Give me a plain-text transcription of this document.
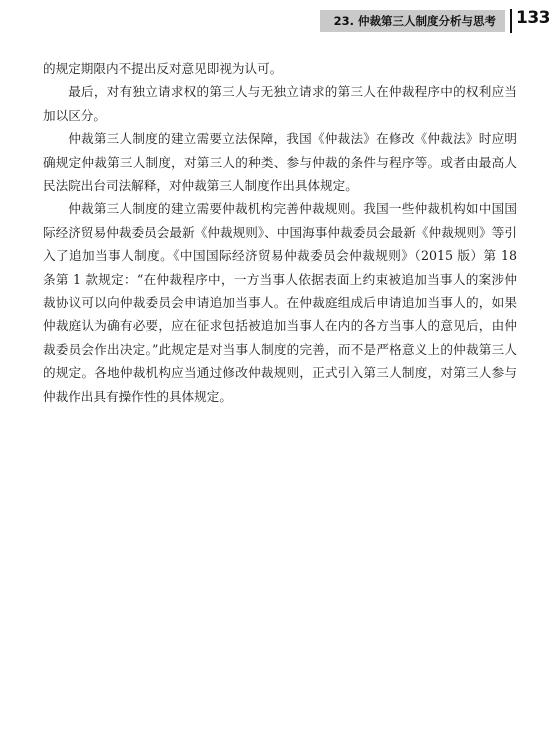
23. 仲裁第三人制度分析与思考 133

的规定期限内不提出反对意见即视为认可。

最后，对有独立请求权的第三人与无独立请求的第三人在仲裁程序中的权利应当加以区分。

仲裁第三人制度的建立需要立法保障，我国《仲裁法》在修改《仲裁法》时应明确规定仲裁第三人制度，对第三人的种类、参与仲裁的条件与程序等。或者由最高人民法院出台司法解释，对仲裁第三人制度作出具体规定。

仲裁第三人制度的建立需要仲裁机构完善仲裁规则。我国一些仲裁机构如中国国际经济贸易仲裁委员会最新《仲裁规则》、中国海事仲裁委员会最新《仲裁规则》等引入了追加当事人制度。《中国国际经济贸易仲裁委员会仲裁规则》（2015 版）第 18 条第 1 款规定：“在仲裁程序中，一方当事人依据表面上约束被追加当事人的案涉仲裁协议可以向仲裁委员会申请追加当事人。在仲裁庭组成后申请追加当事人的，如果仲裁庭认为确有必要，应在征求包括被追加当事人在内的各方当事人的意见后，由仲裁委员会作出决定。”此规定是对当事人制度的完善，而不是严格意义上的仲裁第三人的规定。各地仲裁机构应当通过修改仲裁规则，正式引入第三人制度，对第三人参与仲裁作出具有操作性的具体规定。
